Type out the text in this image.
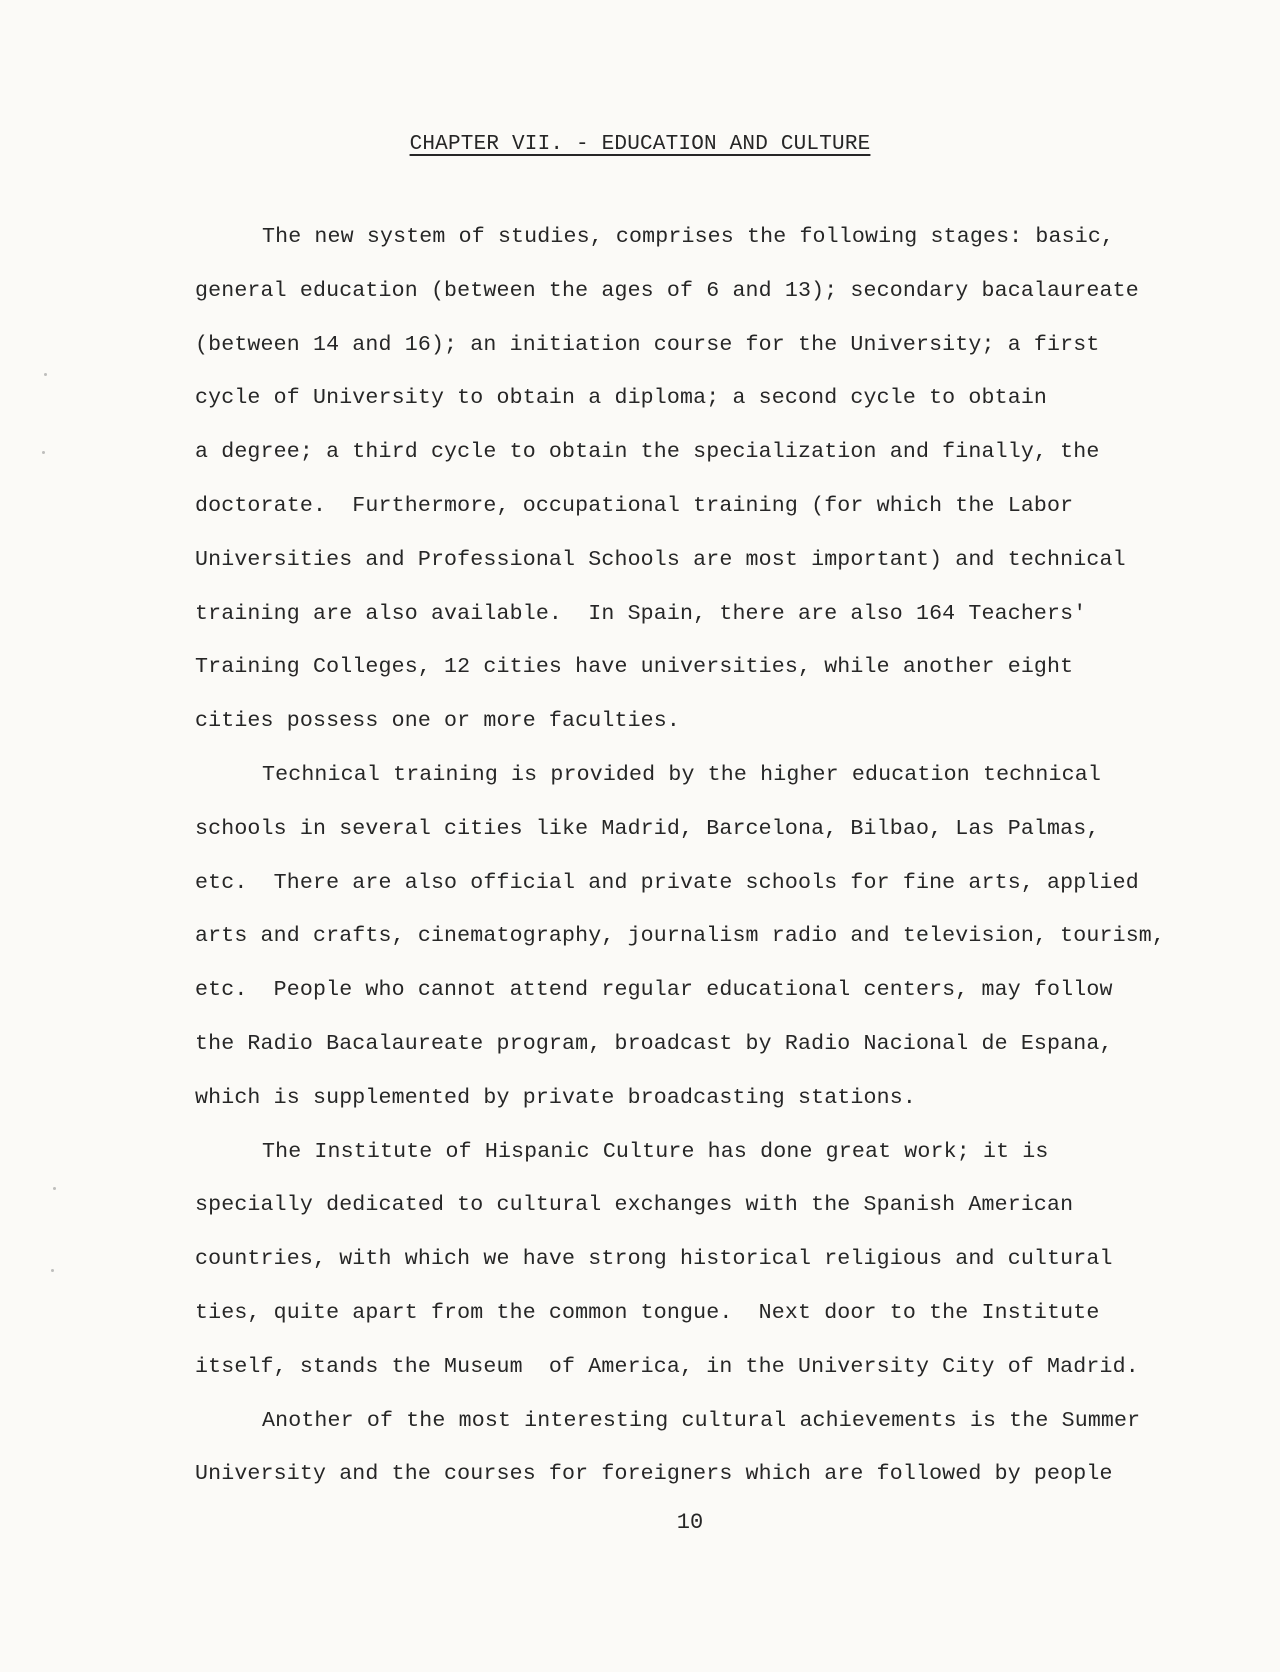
CHAPTER VII. - EDUCATION AND CULTURE
The new system of studies, comprises the following stages: basic,
general education (between the ages of 6 and 13); secondary bacalaureate
(between 14 and 16); an initiation course for the University; a first
cycle of University to obtain a diploma; a second cycle to obtain
a degree; a third cycle to obtain the specialization and finally, the
doctorate.  Furthermore, occupational training (for which the Labor
Universities and Professional Schools are most important) and technical
training are also available.  In Spain, there are also 164 Teachers'
Training Colleges, 12 cities have universities, while another eight
cities possess one or more faculties.
Technical training is provided by the higher education technical
schools in several cities like Madrid, Barcelona, Bilbao, Las Palmas,
etc.  There are also official and private schools for fine arts, applied
arts and crafts, cinematography, journalism radio and television, tourism,
etc.  People who cannot attend regular educational centers, may follow
the Radio Bacalaureate program, broadcast by Radio Nacional de Espana,
which is supplemented by private broadcasting stations.
The Institute of Hispanic Culture has done great work; it is
specially dedicated to cultural exchanges with the Spanish American
countries, with which we have strong historical religious and cultural
ties, quite apart from the common tongue.  Next door to the Institute
itself, stands the Museum  of America, in the University City of Madrid.
Another of the most interesting cultural achievements is the Summer
University and the courses for foreigners which are followed by people
10
